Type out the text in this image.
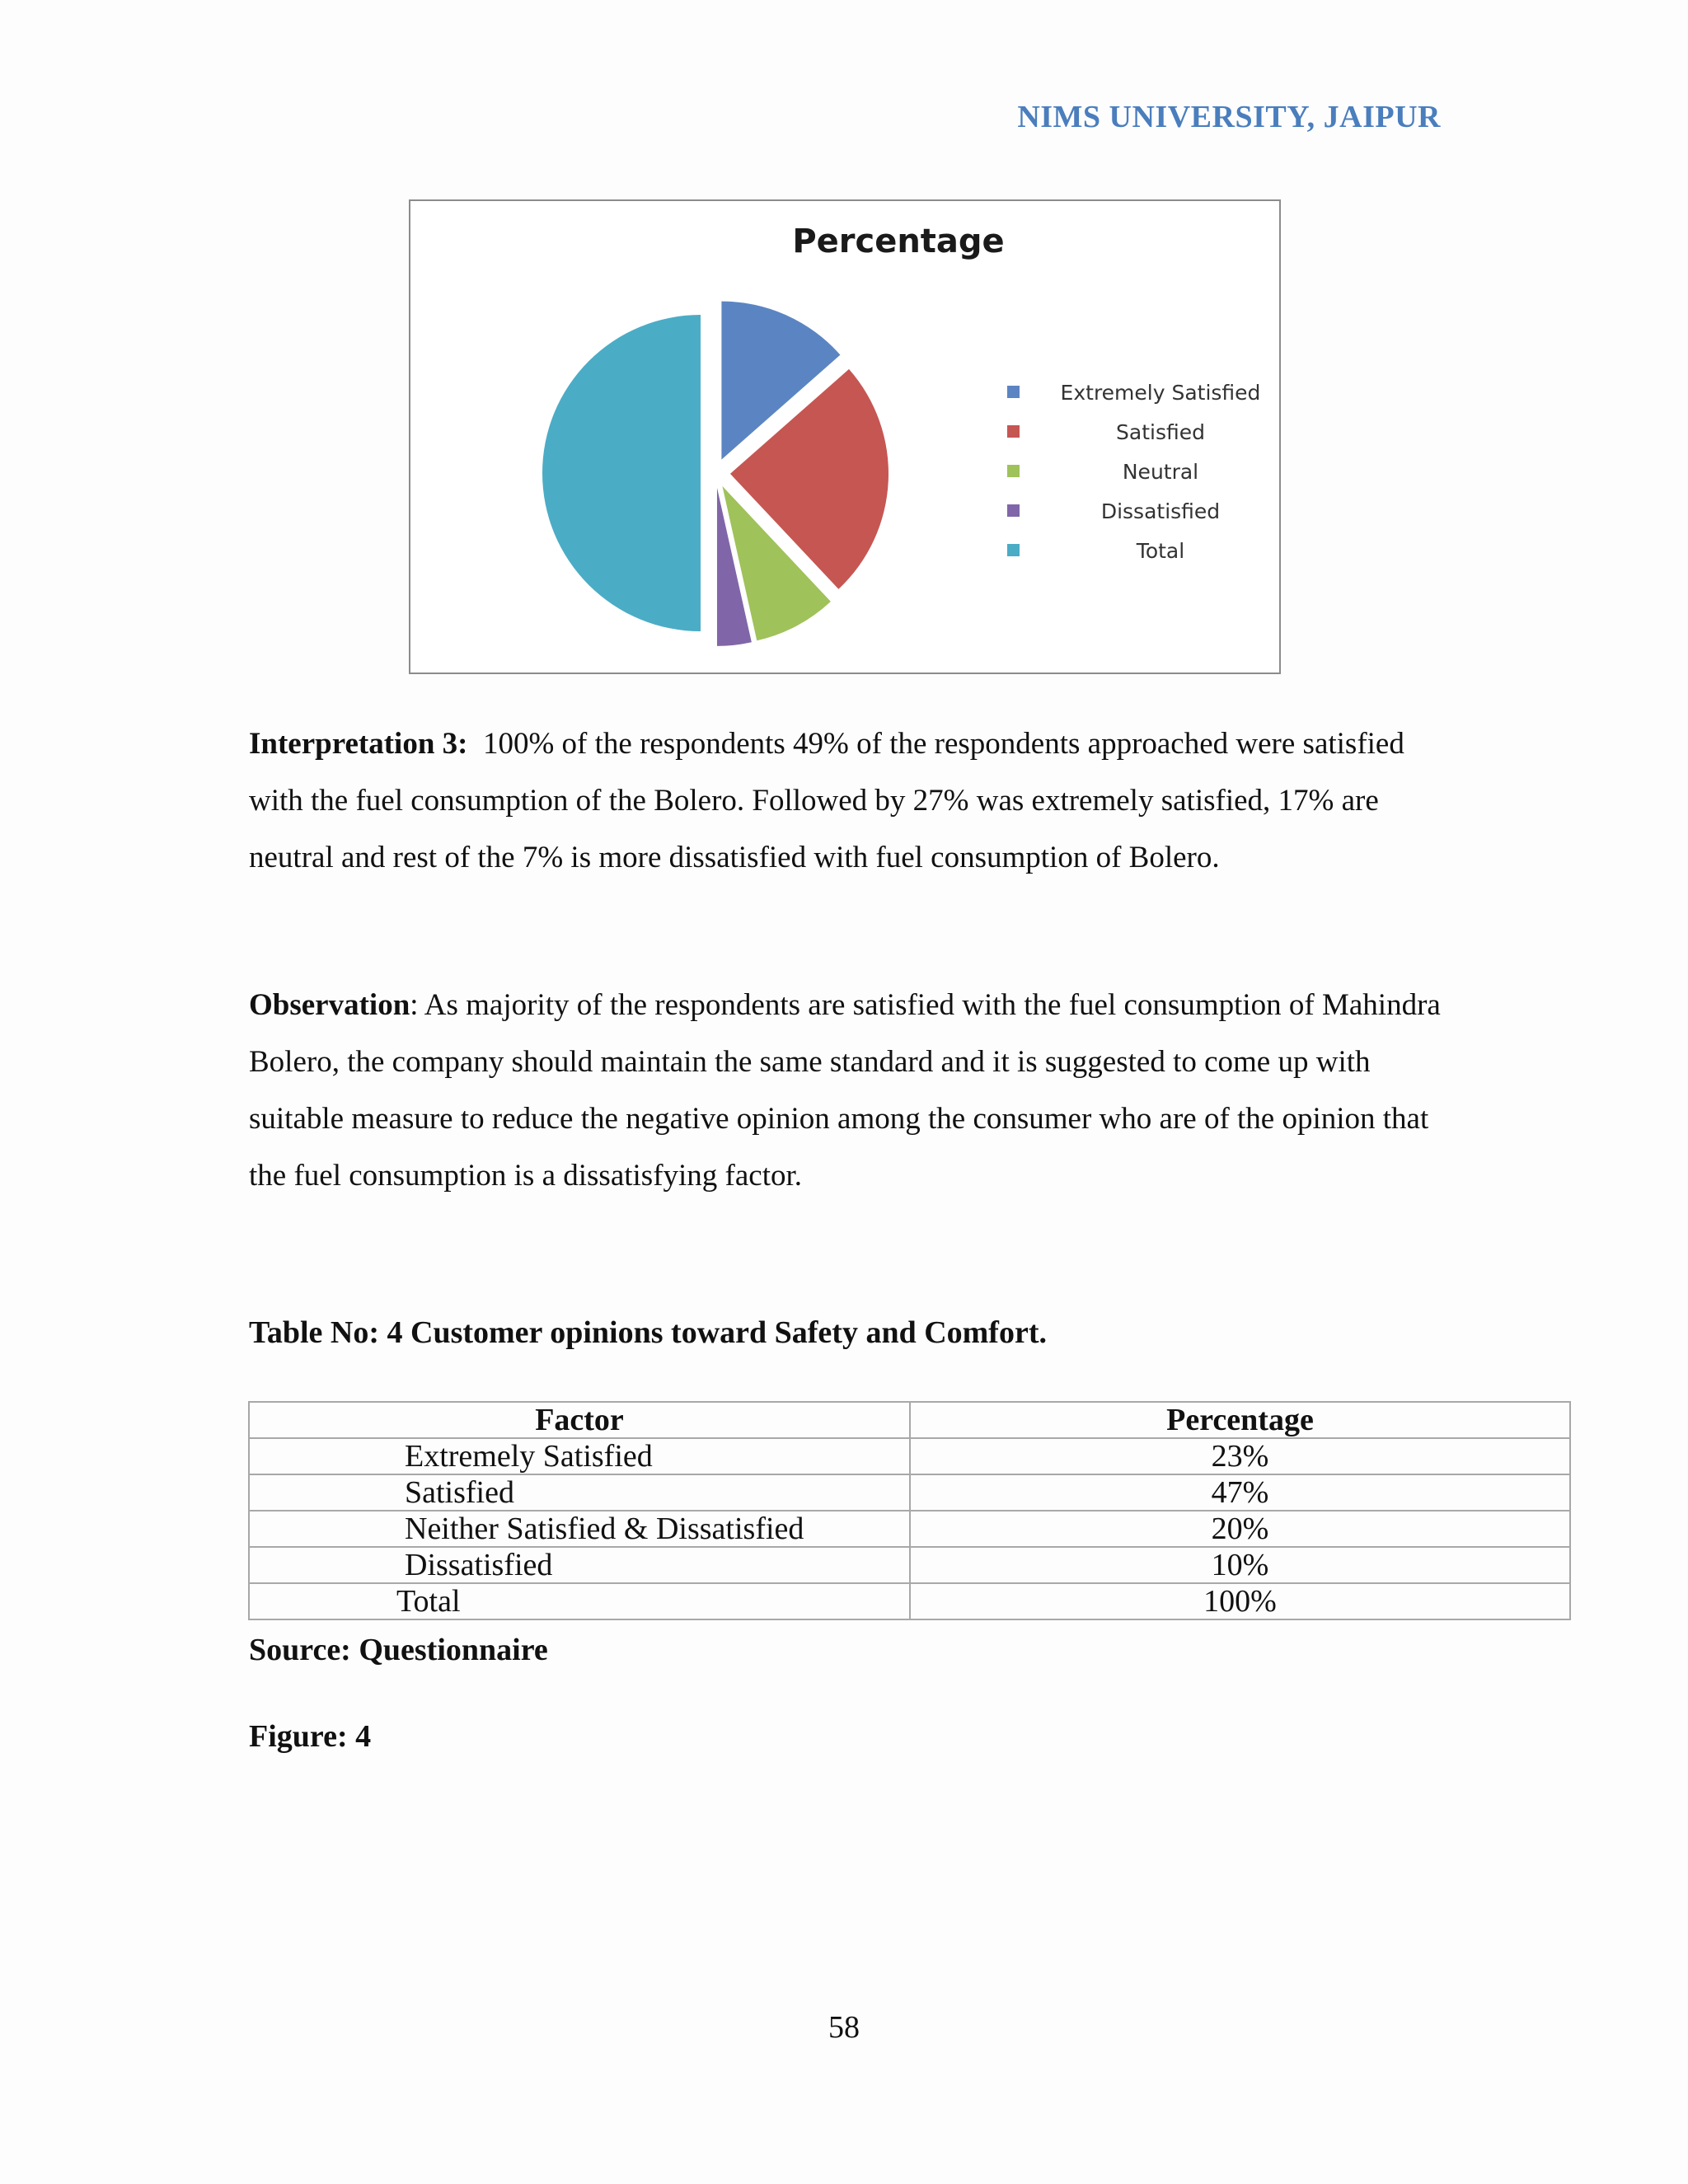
NIMS UNIVERSITY, JAIPUR
Percentage
Extremely Satisfied
Satisfied
Neutral
Dissatisfied
Total

Interpretation 3: 100% of the respondents 49% of the respondents approached were satisfied with the fuel consumption of the Bolero. Followed by 27% was extremely satisfied, 17% are neutral and rest of the 7% is more dissatisfied with fuel consumption of Bolero.

Observation: As majority of the respondents are satisfied with the fuel consumption of Mahindra Bolero, the company should maintain the same standard and it is suggested to come up with suitable measure to reduce the negative opinion among the consumer who are of the opinion that the fuel consumption is a dissatisfying factor.

Table No: 4 Customer opinions toward Safety and Comfort.

Factor	Percentage
Extremely Satisfied	23%
Satisfied	47%
Neither Satisfied & Dissatisfied	20%
Dissatisfied	10%
Total	100%

Source: Questionnaire

Figure: 4

58
